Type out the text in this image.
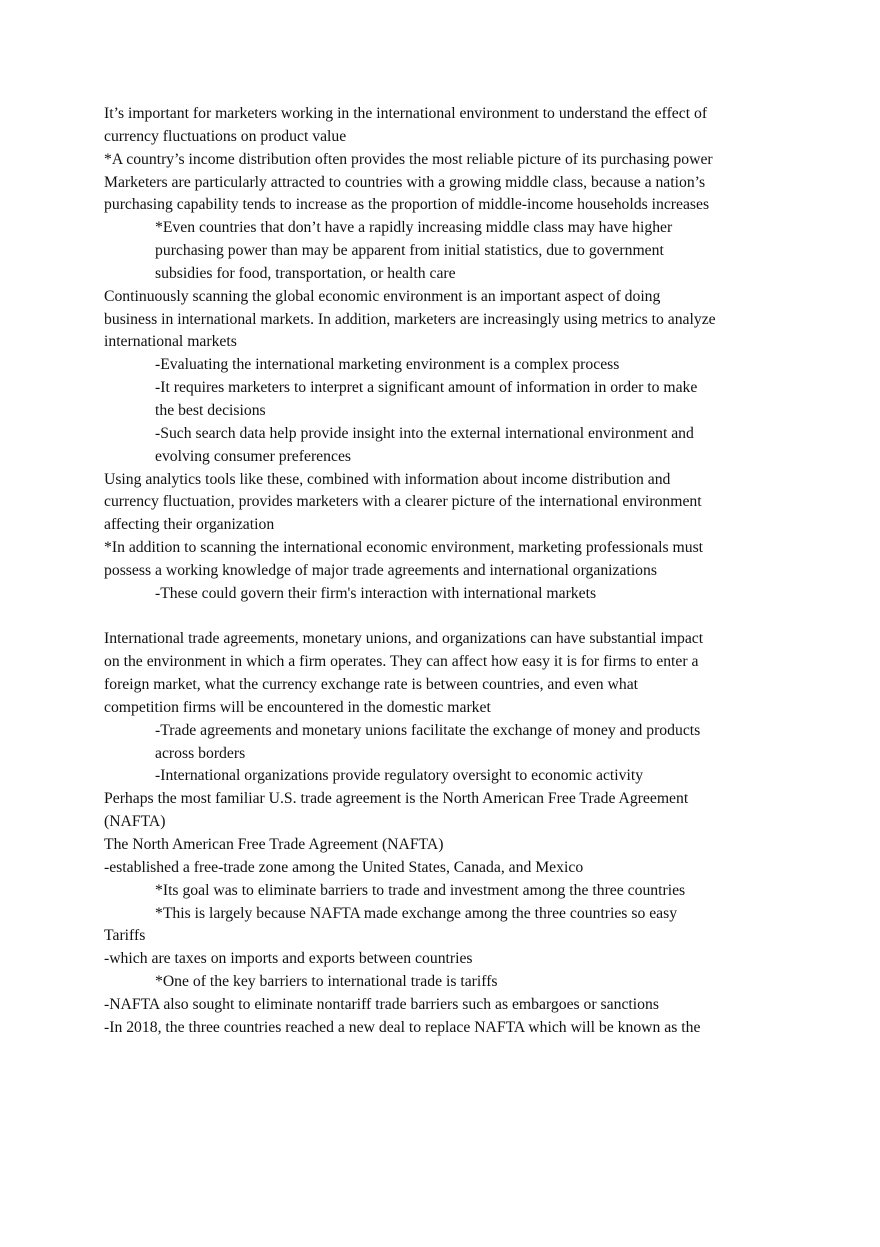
It’s important for marketers working in the international environment to understand the effect of
currency fluctuations on product value
*A country’s income distribution often provides the most reliable picture of its purchasing power
Marketers are particularly attracted to countries with a growing middle class, because a nation’s
purchasing capability tends to increase as the proportion of middle-income households increases
*Even countries that don’t have a rapidly increasing middle class may have higher
purchasing power than may be apparent from initial statistics, due to government
subsidies for food, transportation, or health care
Continuously scanning the global economic environment is an important aspect of doing
business in international markets. In addition, marketers are increasingly using metrics to analyze
international markets
-Evaluating the international marketing environment is a complex process
-It requires marketers to interpret a significant amount of information in order to make
the best decisions
-Such search data help provide insight into the external international environment and
evolving consumer preferences
Using analytics tools like these, combined with information about income distribution and
currency fluctuation, provides marketers with a clearer picture of the international environment
affecting their organization
*In addition to scanning the international economic environment, marketing professionals must
possess a working knowledge of major trade agreements and international organizations
-These could govern their firm's interaction with international markets
International trade agreements, monetary unions, and organizations can have substantial impact
on the environment in which a firm operates. They can affect how easy it is for firms to enter a
foreign market, what the currency exchange rate is between countries, and even what
competition firms will be encountered in the domestic market
-Trade agreements and monetary unions facilitate the exchange of money and products
across borders
-International organizations provide regulatory oversight to economic activity
Perhaps the most familiar U.S. trade agreement is the North American Free Trade Agreement
(NAFTA)
The North American Free Trade Agreement (NAFTA)
-established a free-trade zone among the United States, Canada, and Mexico
*Its goal was to eliminate barriers to trade and investment among the three countries
*This is largely because NAFTA made exchange among the three countries so easy
Tariffs
-which are taxes on imports and exports between countries
*One of the key barriers to international trade is tariffs
-NAFTA also sought to eliminate nontariff trade barriers such as embargoes or sanctions
-In 2018, the three countries reached a new deal to replace NAFTA which will be known as the
